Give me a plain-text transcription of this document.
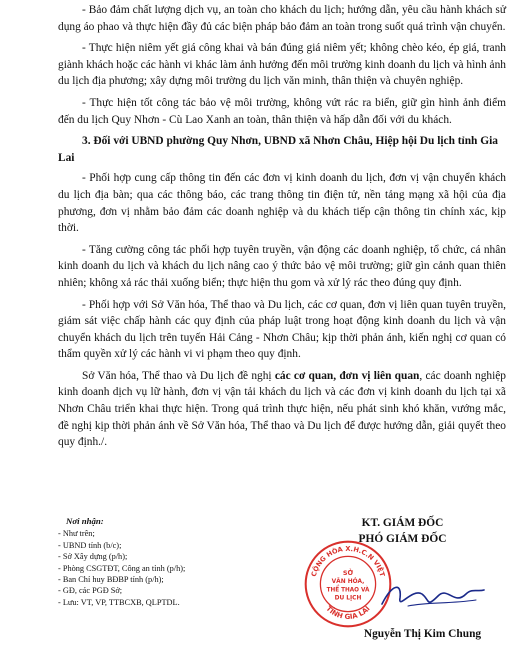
- Bảo đảm chất lượng dịch vụ, an toàn cho khách du lịch; hướng dẫn, yêu cầu hành khách sử dụng áo phao và thực hiện đầy đủ các biện pháp bảo đảm an toàn trong suốt quá trình vận chuyển.

- Thực hiện niêm yết giá công khai và bán đúng giá niêm yết; không chèo kéo, ép giá, tranh giành khách hoặc các hành vi khác làm ảnh hưởng đến môi trường kinh doanh du lịch và hình ảnh du lịch địa phương; xây dựng môi trường du lịch văn minh, thân thiện và chuyên nghiệp.

- Thực hiện tốt công tác bảo vệ môi trường, không vứt rác ra biển, giữ gìn hình ảnh điểm đến du lịch Quy Nhơn - Cù Lao Xanh an toàn, thân thiện và hấp dẫn đối với du khách.

3. Đối với UBND phường Quy Nhơn, UBND xã Nhơn Châu, Hiệp hội Du lịch tỉnh Gia Lai

- Phối hợp cung cấp thông tin đến các đơn vị kinh doanh du lịch, đơn vị vận chuyển khách du lịch địa bàn; qua các thông báo, các trang thông tin điện tử, nền tảng mạng xã hội của địa phương, đơn vị nhằm bảo đảm các doanh nghiệp và du khách tiếp cận thông tin chính xác, kịp thời.

- Tăng cường công tác phối hợp tuyên truyền, vận động các doanh nghiệp, tổ chức, cá nhân kinh doanh du lịch và khách du lịch nâng cao ý thức bảo vệ môi trường; giữ gìn cảnh quan thiên nhiên; không xả rác thải xuống biển; thực hiện thu gom và xử lý rác theo đúng quy định.

- Phối hợp với Sở Văn hóa, Thể thao và Du lịch, các cơ quan, đơn vị liên quan tuyên truyền, giám sát việc chấp hành các quy định của pháp luật trong hoạt động kinh doanh du lịch và vận chuyển khách du lịch trên tuyến Hải Cảng - Nhơn Châu; kịp thời phản ánh, kiến nghị cơ quan có thẩm quyền xử lý các hành vi vi phạm theo quy định.

Sở Văn hóa, Thể thao và Du lịch đề nghị các cơ quan, đơn vị liên quan, các doanh nghiệp kinh doanh dịch vụ lữ hành, đơn vị vận tải khách du lịch và các đơn vị kinh doanh du lịch tại xã Nhơn Châu triển khai thực hiện. Trong quá trình thực hiện, nếu phát sinh khó khăn, vướng mắc, đề nghị kịp thời phản ánh về Sở Văn hóa, Thể thao và Du lịch để được hướng dẫn, giải quyết theo quy định./.

Nơi nhận:
- Như trên;
- UBND tỉnh (b/c);
- Sở Xây dựng (p/h);
- Phòng CSGTĐT, Công an tỉnh (p/h);
- Ban Chỉ huy BĐBP tỉnh (p/h);
- GĐ, các PGĐ Sở;
- Lưu: VT, VP, TTBCXB, QLPTDL.
KT. GIÁM ĐỐC
PHÓ GIÁM ĐỐC
CỘNG HÒA X.H.C.N VIỆT
TỈNH GIA LAI
SỞ
VĂN HÓA,
THỂ THAO VÀ
DU LỊCH
Nguyễn Thị Kim Chung
